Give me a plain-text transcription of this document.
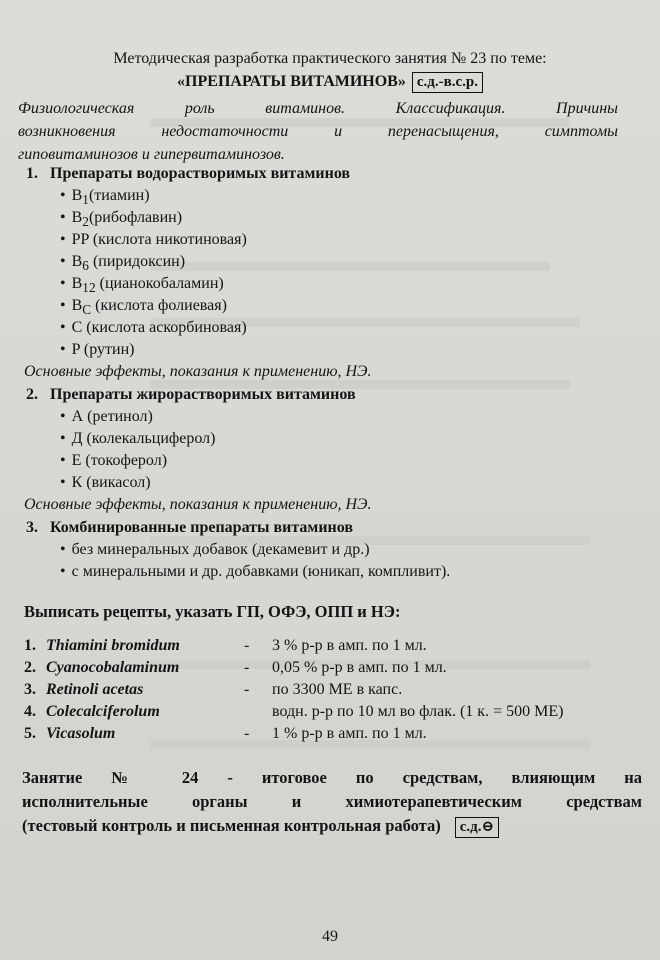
Методическая разработка практического занятия № 23 по теме:
«ПРЕПАРАТЫ ВИТАМИНОВ» с.д.-в.с.р.
Физиологическая роль витаминов. Классификация. Причины
возникновения недостаточности и перенасыщения, симптомы
гиповитаминозов и гипервитаминозов.
1. Препараты водорастворимых витаминов
• $B_1(тиамин)$
• $B_2(рибофлавин)$
• PP (кислота никотиновая)
• $B_6$ (пиридоксин)
• $B_{12}$ (цианокобаламин)
• $B_C$ (кислота фолиевая)
• C (кислота аскорбиновая)
• P (рутин)
Основные эффекты, показания к применению, НЭ.
2. Препараты жирорастворимых витаминов
• А (ретинол)
• Д (колекальциферол)
• Е (токоферол)
• К (викасол)
Основные эффекты, показания к применению, НЭ.
3. Комбинированные препараты витаминов
• без минеральных добавок (декамевит и др.)
• с минеральными и др. добавками (юникап, компливит).
Выписать рецепты, указать ГП, ОФЭ, ОПП и НЭ:
1. Thiamini bromidum	- 3 % р-р в амп. по 1 мл.
2. Cyanocobalaminum	- 0,05 % р-р в амп. по 1 мл.
3. Retinoli acetas	- по 3300 МЕ в капс.
4. Colecalciferolum	водн. р-р по 10 мл во флак. (1 к. = 500 МЕ)
5. Vicasolum	- 1 % р-р в амп. по 1 мл.
Занятие № 24 - итоговое по средствам, влияющим на
исполнительные органы и химиотерапевтическим средствам
(тестовый контроль и письменная контрольная работа) с.д.⊖
49
